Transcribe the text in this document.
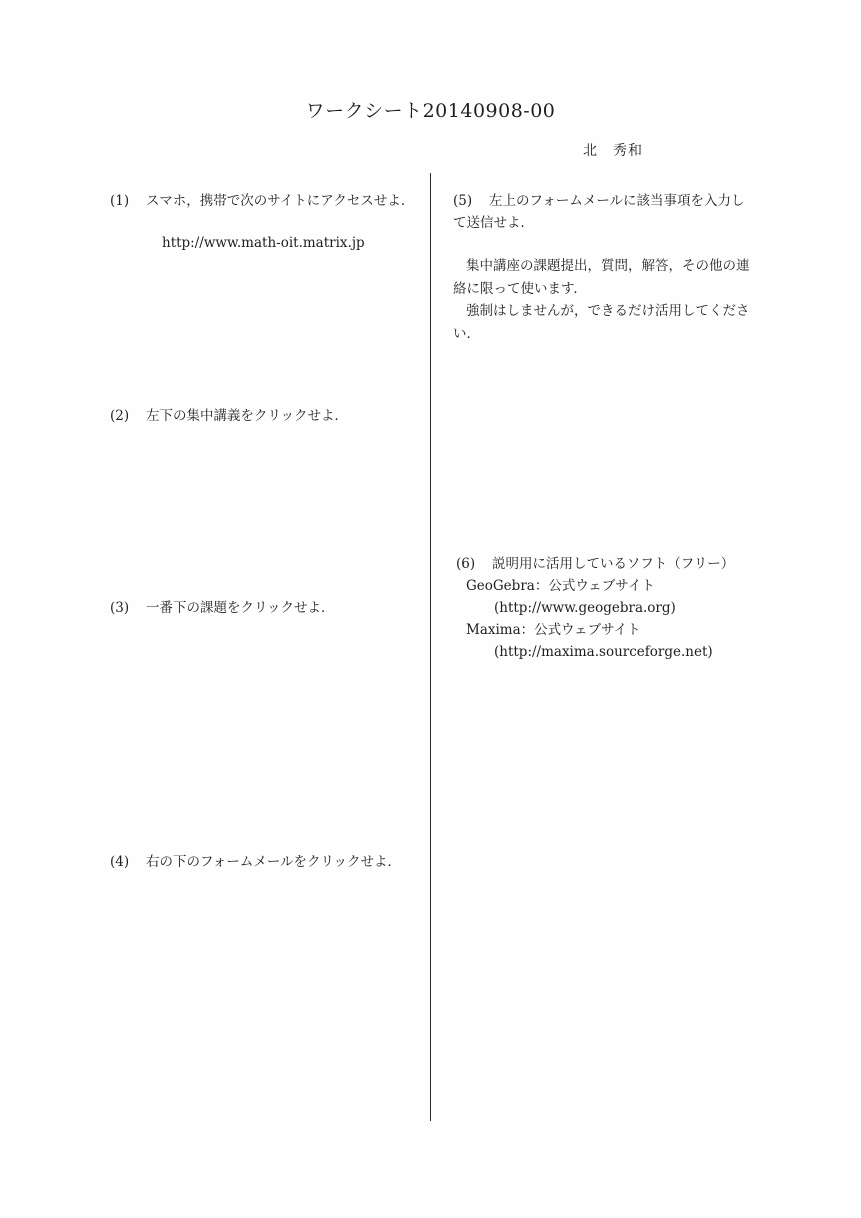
ワークシート20140908-00
北　秀和
(1) スマホ，携帯で次のサイトにアクセスせよ．
http://www.math-oit.matrix.jp
(2) 左下の集中講義をクリックせよ．
(3) 一番下の課題をクリックせよ．
(4) 右の下のフォームメールをクリックせよ．
(5) 左上のフォームメールに該当事項を入力し
て送信せよ．
集中講座の課題提出，質問，解答，その他の連
絡に限って使います．
強制はしませんが，できるだけ活用してくださ
い．
(6) 説明用に活用しているソフト（フリー）
GeoGebra：公式ウェブサイト
(http://www.geogebra.org)
Maxima：公式ウェブサイト
(http://maxima.sourceforge.net)
